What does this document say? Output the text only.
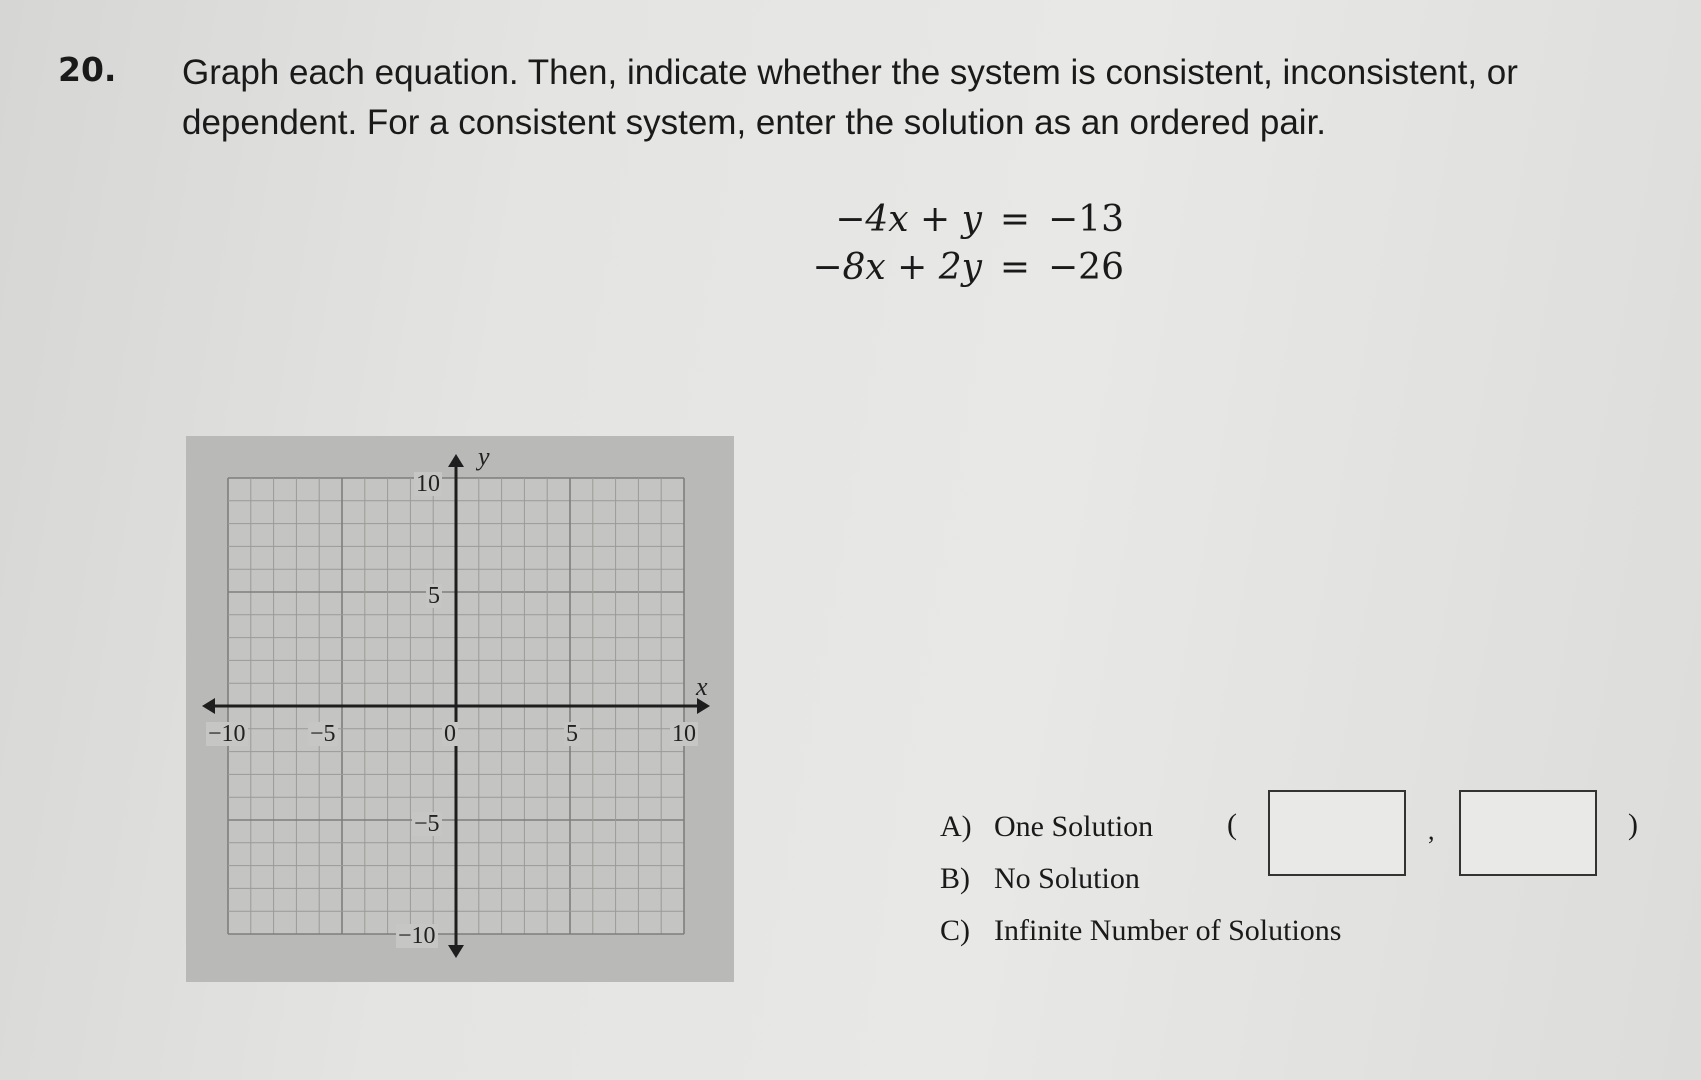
20. Graph each equation. Then, indicate whether the system is consistent, inconsistent, or
dependent. For a consistent system, enter the solution as an ordered pair.
−4x + y = −13
−8x + 2y = −26
−10	−5	0	5	10
10
5
−5
−10
y
x
A) One Solution
B) No Solution
C) Infinite Number of Solutions
(	,	)
